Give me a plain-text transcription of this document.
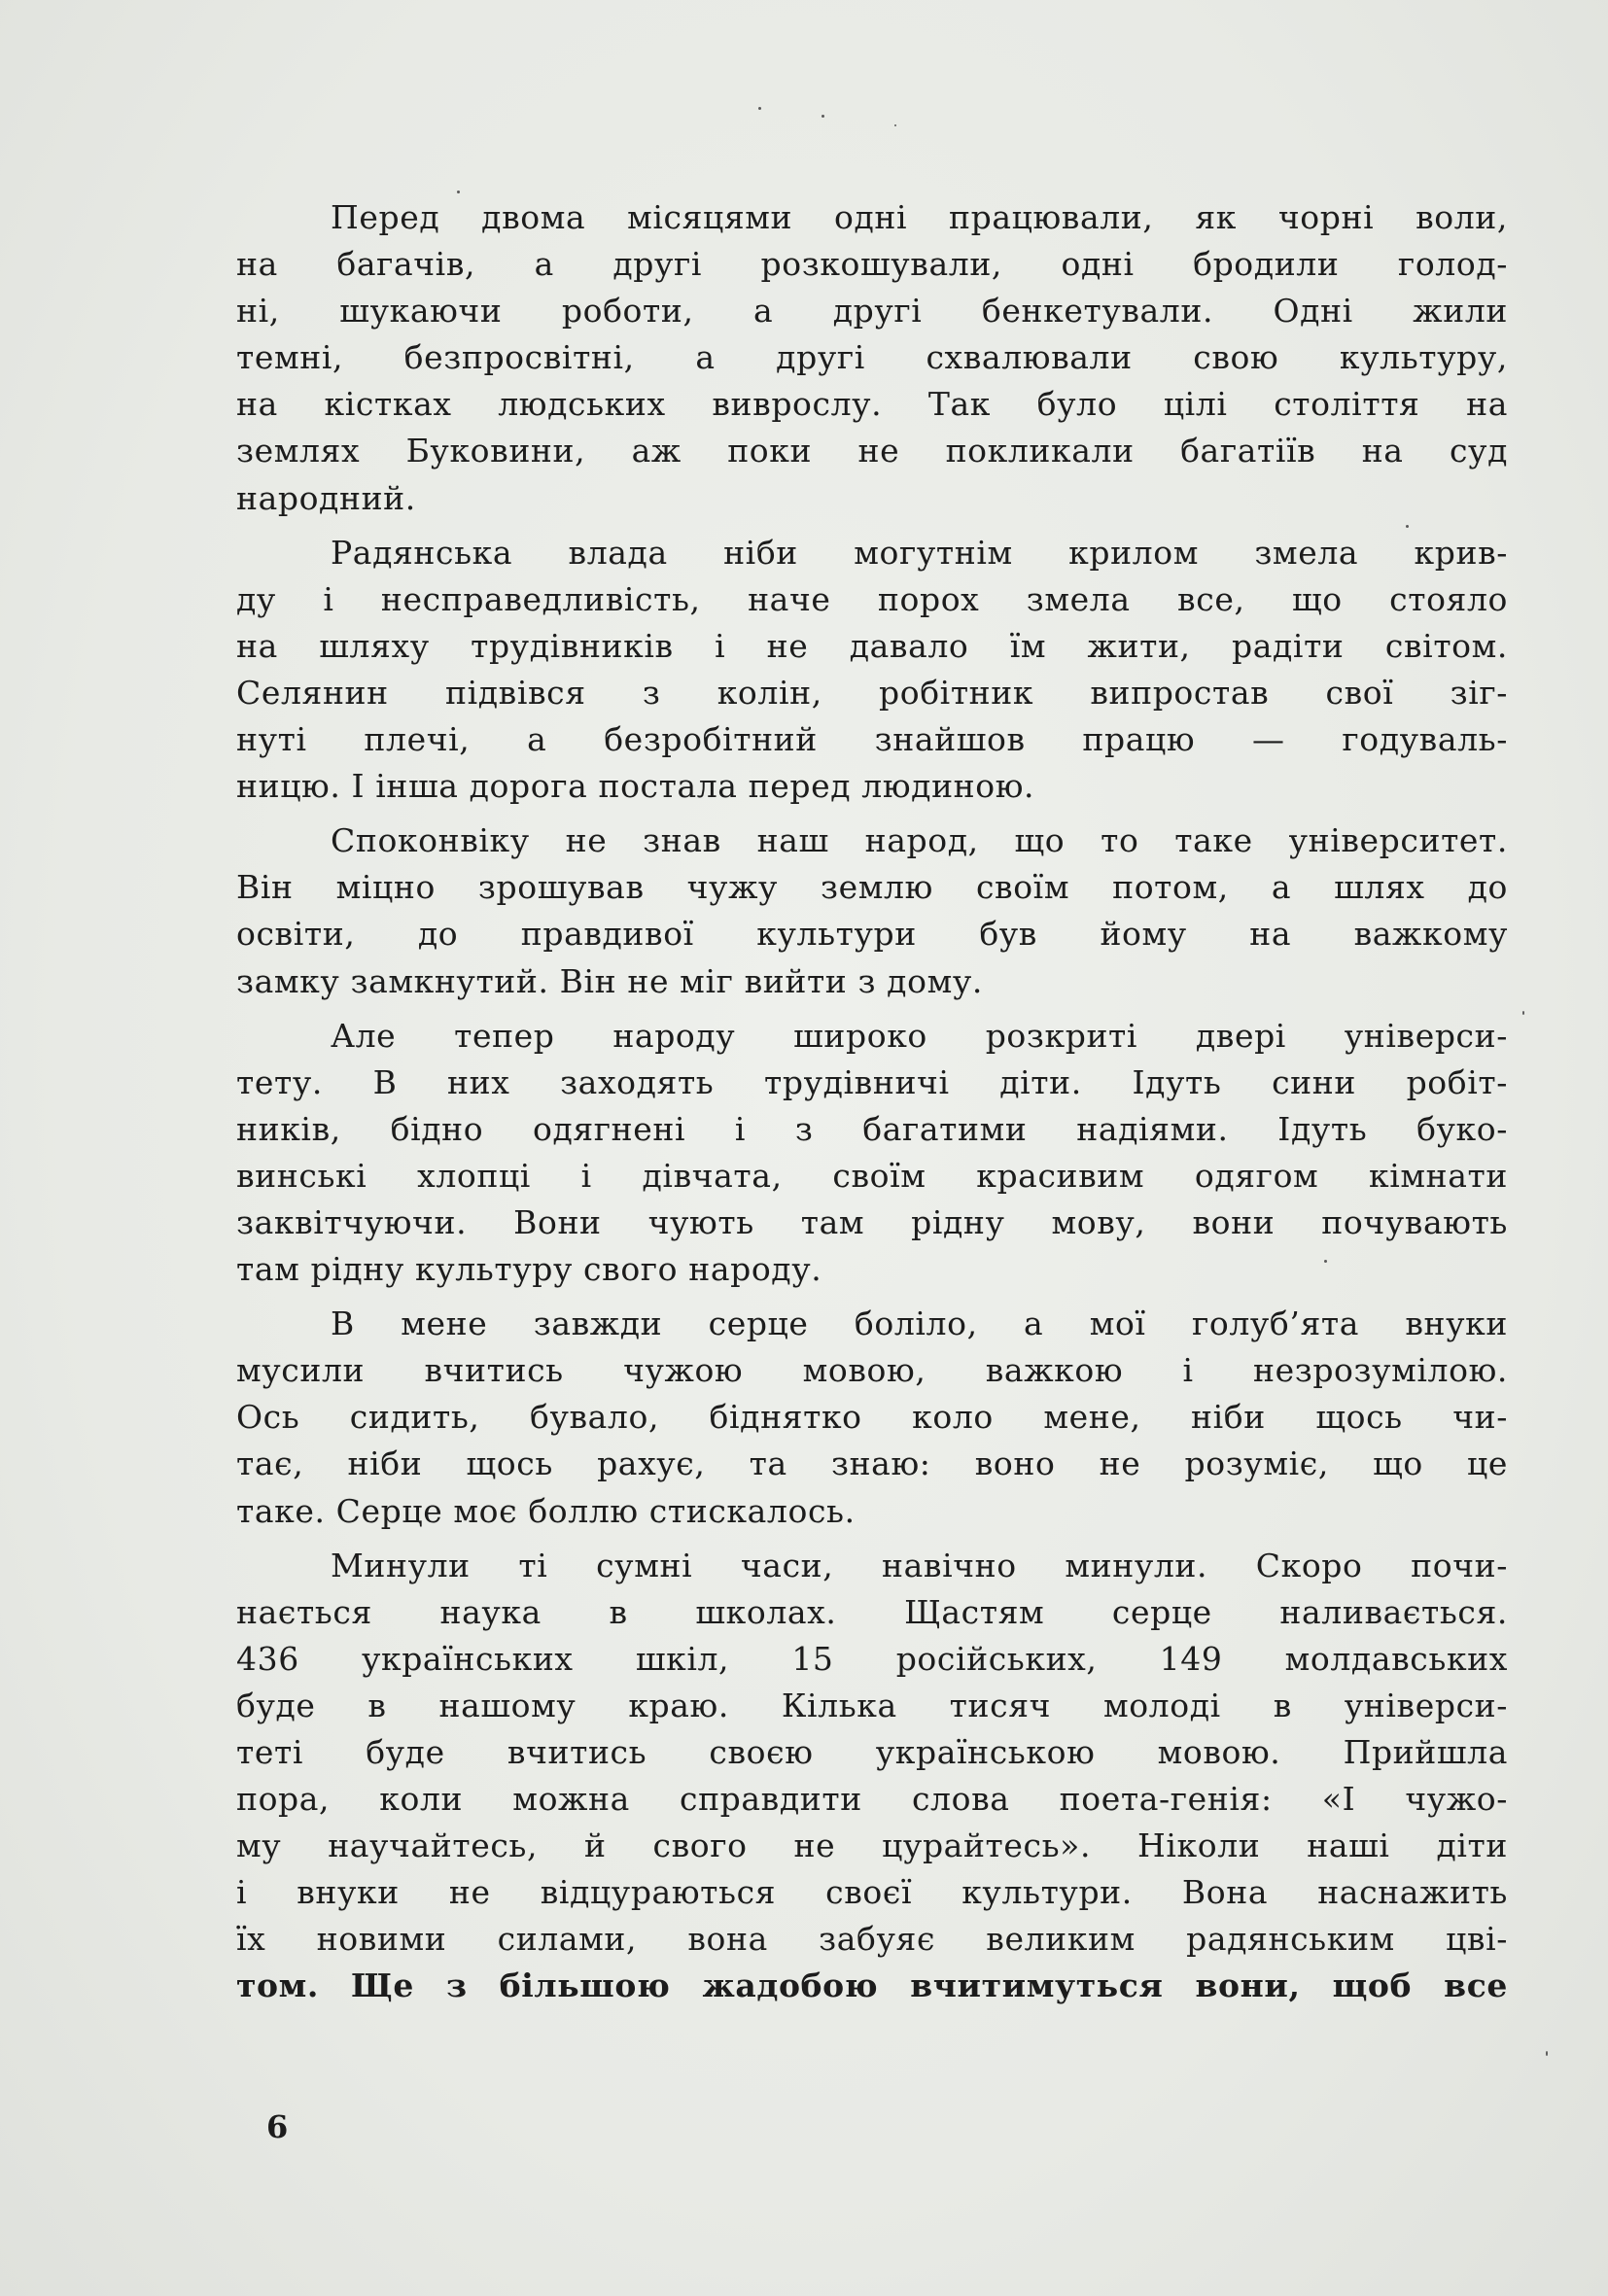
Перед двома місяцями одні працювали, як чорні воли,
на багачів, а другі розкошували, одні бродили голод-
ні, шукаючи роботи, а другі бенкетували. Одні жили
темні, безпросвітні, а другі схвалювали свою культуру,
на кістках людських виврослу. Так було цілі століття на
землях Буковини, аж поки не покликали багатіїв на суд
народний.
Радянська влада ніби могутнім крилом змела крив-
ду і несправедливість, наче порох змела все, що стояло
на шляху трудівників і не давало їм жити, радіти світом.
Селянин підвівся з колін, робітник випростав свої зіг-
нуті плечі, а безробітний знайшов працю — годуваль-
ницю. І інша дорога постала перед людиною.
Споконвіку не знав наш народ, що то таке університет.
Він міцно зрошував чужу землю своїм потом, а шлях до
освіти, до правдивої культури був йому на важкому
замку замкнутий. Він не міг вийти з дому.
Але тепер народу широко розкриті двері універси-
тету. В них заходять трудівничі діти. Ідуть сини робіт-
ників, бідно одягнені і з багатими надіями. Ідуть буко-
винські хлопці і дівчата, своїм красивим одягом кімнати
заквітчуючи. Вони чують там рідну мову, вони почувають
там рідну культуру свого народу.
В мене завжди серце боліло, а мої голуб’ята внуки
мусили вчитись чужою мовою, важкою і незрозумілою.
Ось сидить, бувало, біднятко коло мене, ніби щось чи-
тає, ніби щось рахує, та знаю: воно не розуміє, що це
таке. Серце моє боллю стискалось.
Минули ті сумні часи, навічно минули. Скоро почи-
нається наука в школах. Щастям серце наливається.
436 українських шкіл, 15 російських, 149 молдавських
буде в нашому краю. Кілька тисяч молоді в універси-
теті буде вчитись своєю українською мовою. Прийшла
пора, коли можна справдити слова поета-генія: «І чужо-
му научайтесь, й свого не цурайтесь». Ніколи наші діти
і внуки не відцураються своєї культури. Вона наснажить
їх новими силами, вона забуяє великим радянським цві-
том. Ще з більшою жадобою вчитимуться вони, щоб все
6
